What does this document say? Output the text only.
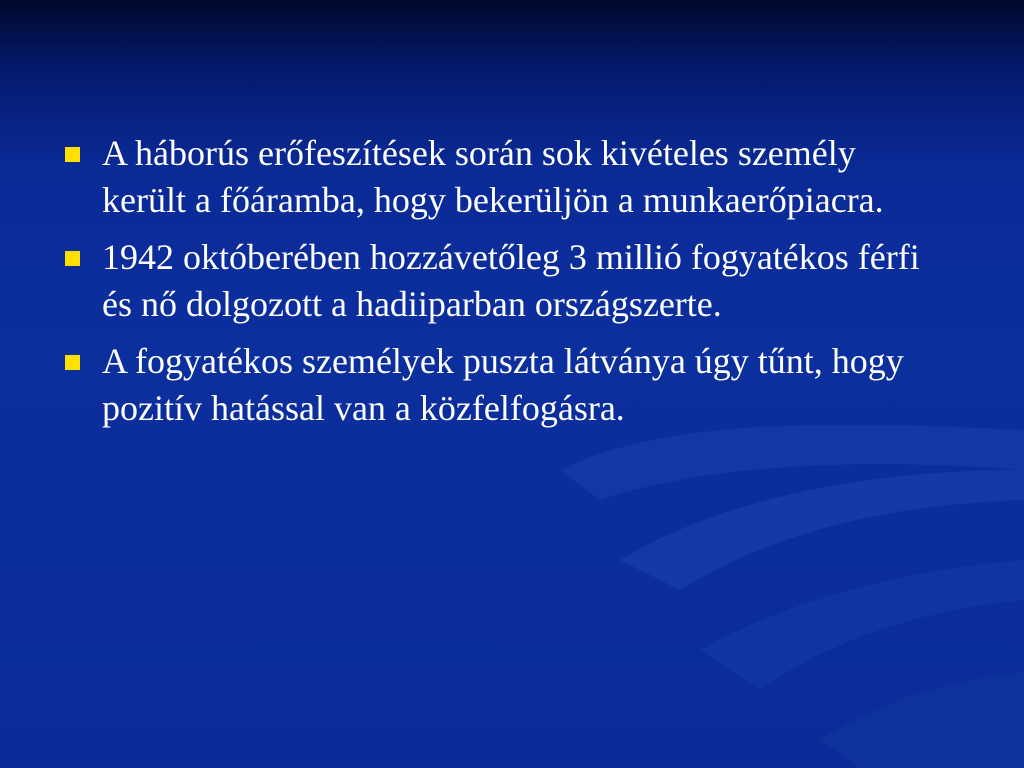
A háborús erőfeszítések során sok kivételes személy került a főáramba, hogy bekerüljön a munkaerőpiacra.
1942 októberében hozzávetőleg 3 millió fogyatékos férfi és nő dolgozott a hadiiparban országszerte.
A fogyatékos személyek puszta látványa úgy tűnt, hogy pozitív hatással van a közfelfogásra.
